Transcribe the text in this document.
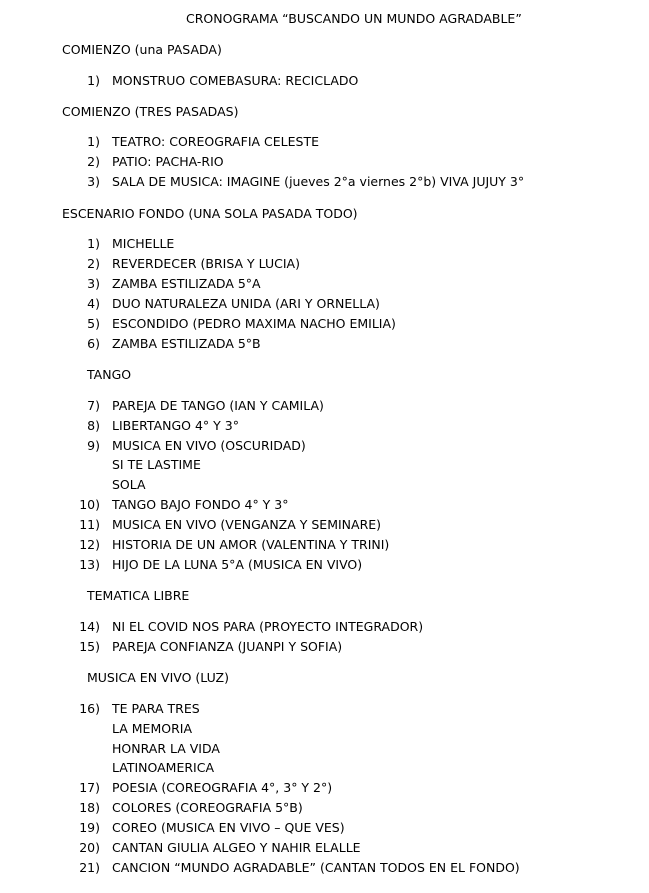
CRONOGRAMA “BUSCANDO UN MUNDO AGRADABLE”
COMIENZO (una PASADA)
1) MONSTRUO COMEBASURA: RECICLADO
COMIENZO (TRES PASADAS)
1) TEATRO: COREOGRAFIA CELESTE
2) PATIO: PACHA-RIO
3) SALA DE MUSICA: IMAGINE (jueves 2°a viernes 2°b) VIVA JUJUY 3°
ESCENARIO FONDO (UNA SOLA PASADA TODO)
1) MICHELLE
2) REVERDECER (BRISA Y LUCIA)
3) ZAMBA ESTILIZADA 5°A
4) DUO NATURALEZA UNIDA (ARI Y ORNELLA)
5) ESCONDIDO (PEDRO MAXIMA NACHO EMILIA)
6) ZAMBA ESTILIZADA 5°B
TANGO
7) PAREJA DE TANGO (IAN Y CAMILA)
8) LIBERTANGO 4° Y 3°
9) MUSICA EN VIVO (OSCURIDAD)
SI TE LASTIME
SOLA
10) TANGO BAJO FONDO 4° Y 3°
11) MUSICA EN VIVO (VENGANZA Y SEMINARE)
12) HISTORIA DE UN AMOR (VALENTINA Y TRINI)
13) HIJO DE LA LUNA 5°A (MUSICA EN VIVO)
TEMATICA LIBRE
14) NI EL COVID NOS PARA (PROYECTO INTEGRADOR)
15) PAREJA CONFIANZA (JUANPI Y SOFIA)
MUSICA EN VIVO (LUZ)
16) TE PARA TRES
LA MEMORIA
HONRAR LA VIDA
LATINOAMERICA
17) POESIA (COREOGRAFIA 4°, 3° Y 2°)
18) COLORES (COREOGRAFIA 5°B)
19) COREO (MUSICA EN VIVO – QUE VES)
20) CANTAN GIULIA ALGEO Y NAHIR ELALLE
21) CANCION “MUNDO AGRADABLE” (CANTAN TODOS EN EL FONDO)
